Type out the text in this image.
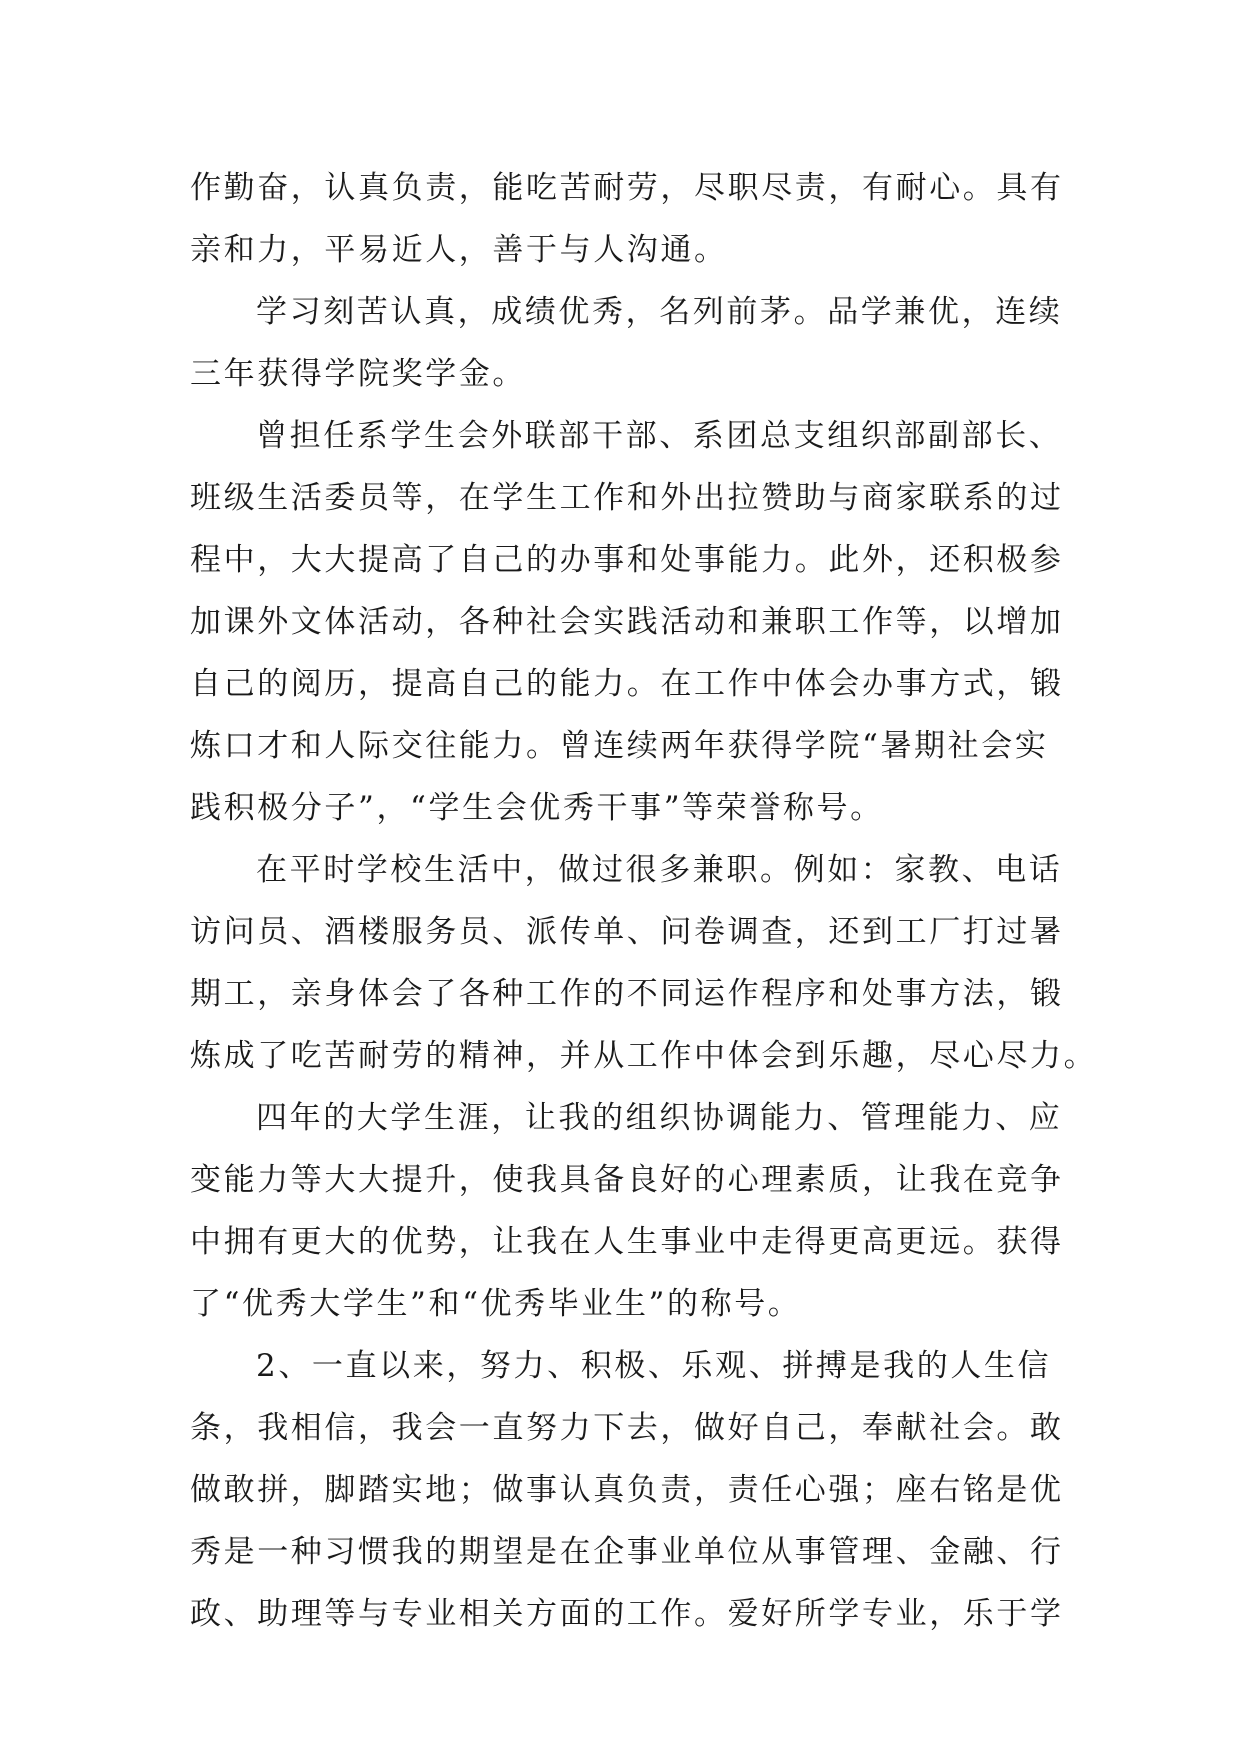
作勤奋，认真负责，能吃苦耐劳，尽职尽责，有耐心。具有
亲和力，平易近人，善于与人沟通。
学习刻苦认真，成绩优秀，名列前茅。品学兼优，连续
三年获得学院奖学金。
曾担任系学生会外联部干部、系团总支组织部副部长、
班级生活委员等，在学生工作和外出拉赞助与商家联系的过
程中，大大提高了自己的办事和处事能力。此外，还积极参
加课外文体活动，各种社会实践活动和兼职工作等，以增加
自己的阅历，提高自己的能力。在工作中体会办事方式，锻
炼口才和人际交往能力。曾连续两年获得学院“暑期社会实
践积极分子”，“学生会优秀干事”等荣誉称号。
在平时学校生活中，做过很多兼职。例如：家教、电话
访问员、酒楼服务员、派传单、问卷调查，还到工厂打过暑
期工，亲身体会了各种工作的不同运作程序和处事方法，锻
炼成了吃苦耐劳的精神，并从工作中体会到乐趣，尽心尽力。
四年的大学生涯，让我的组织协调能力、管理能力、应
变能力等大大提升，使我具备良好的心理素质，让我在竞争
中拥有更大的优势，让我在人生事业中走得更高更远。获得
了“优秀大学生”和“优秀毕业生”的称号。
2、一直以来，努力、积极、乐观、拼搏是我的人生信
条，我相信，我会一直努力下去，做好自己，奉献社会。敢
做敢拼，脚踏实地；做事认真负责，责任心强；座右铭是优
秀是一种习惯我的期望是在企事业单位从事管理、金融、行
政、助理等与专业相关方面的工作。爱好所学专业，乐于学
